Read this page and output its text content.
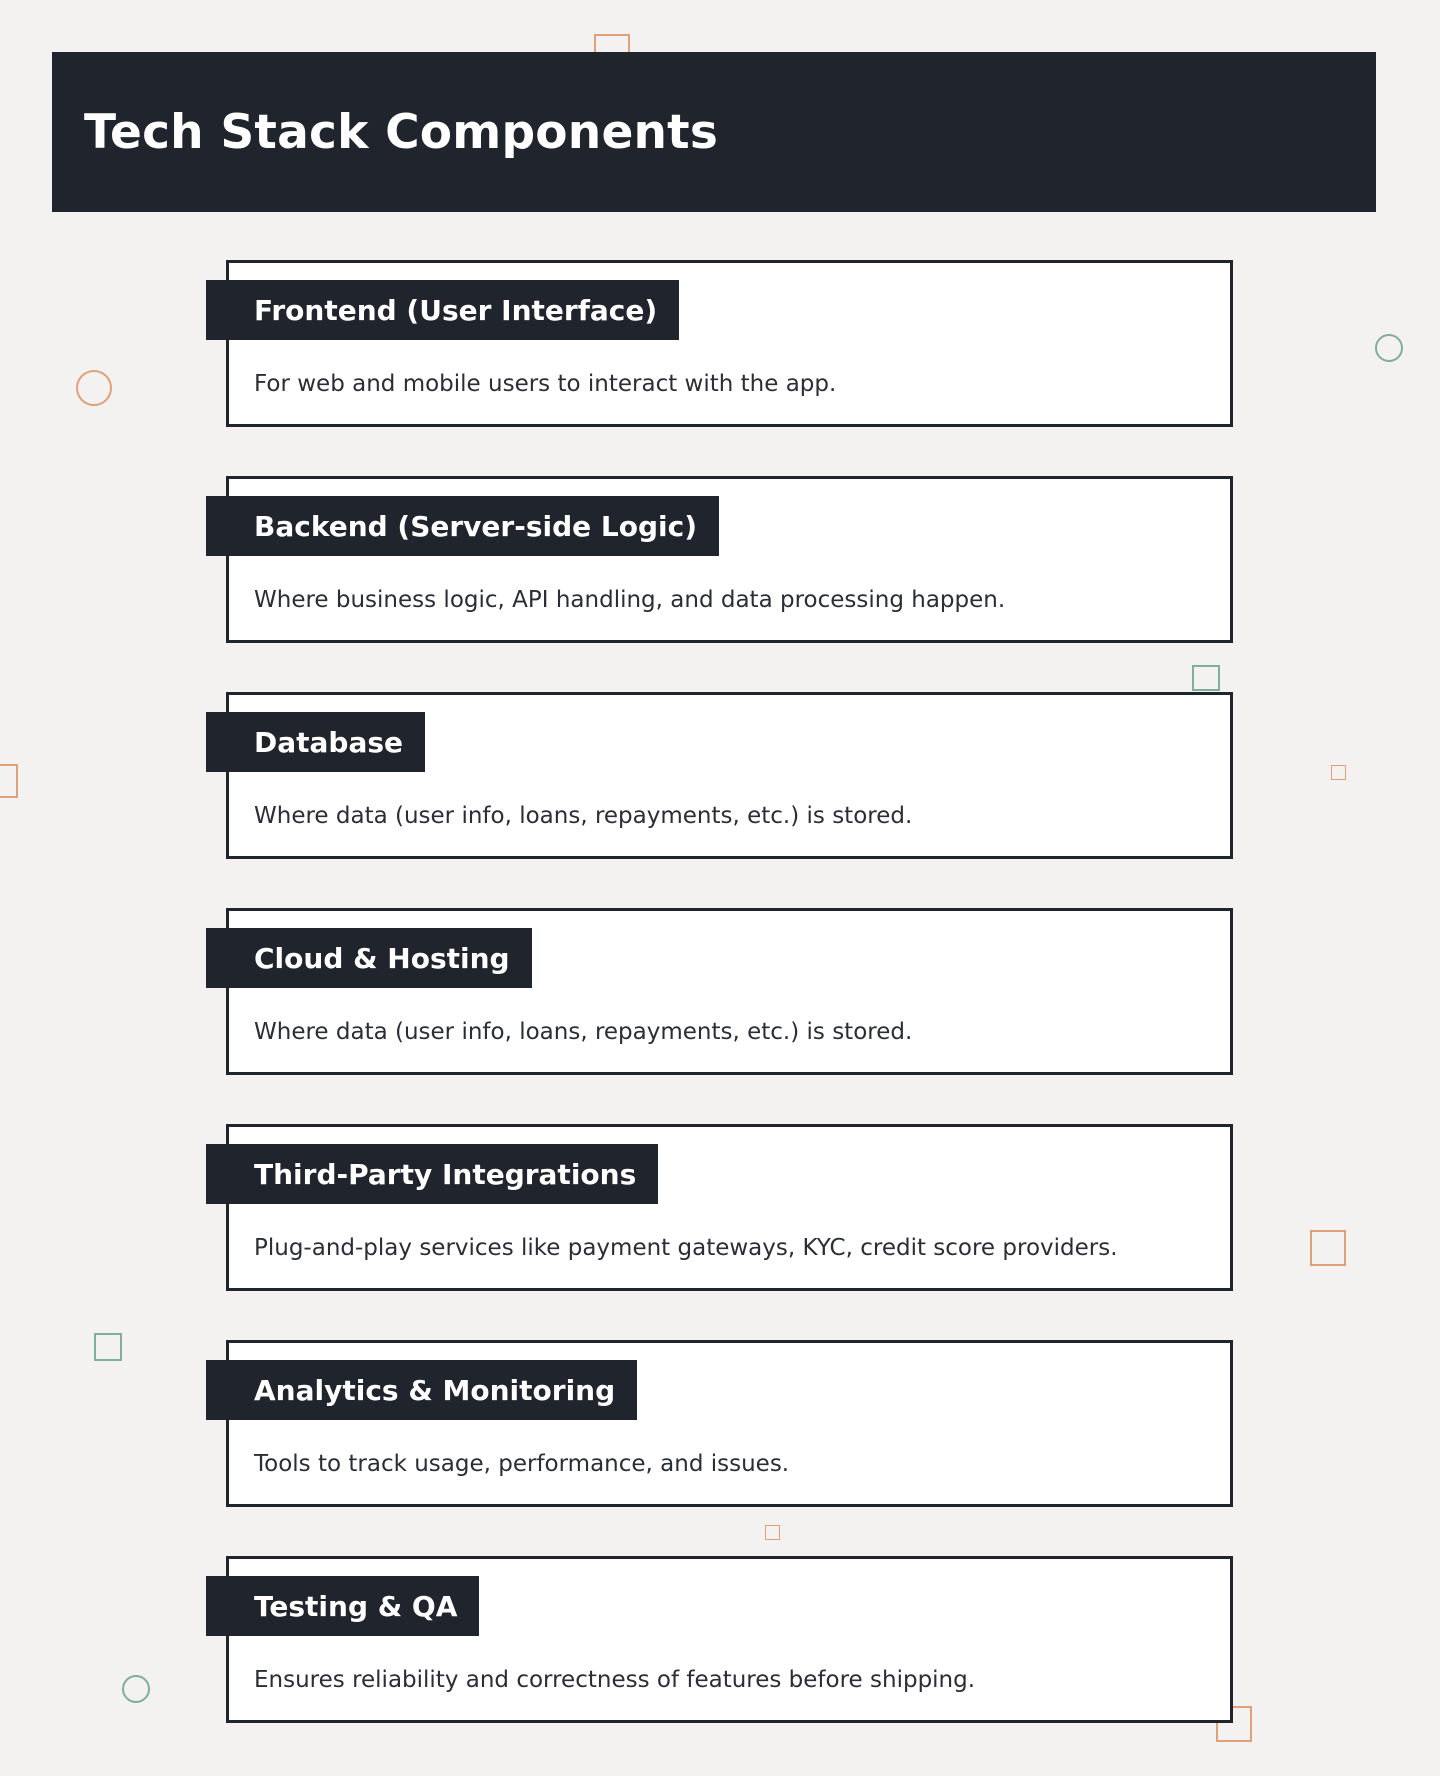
Tech Stack Components
Frontend (User Interface)

For web and mobile users to interact with the app.

Backend (Server-side Logic)

Where business logic, API handling, and data processing happen.

Database

Where data (user info, loans, repayments, etc.) is stored.

Cloud & Hosting

Where data (user info, loans, repayments, etc.) is stored.

Third-Party Integrations

Plug-and-play services like payment gateways, KYC, credit score providers.

Analytics & Monitoring

Tools to track usage, performance, and issues.

Testing & QA

Ensures reliability and correctness of features before shipping.
